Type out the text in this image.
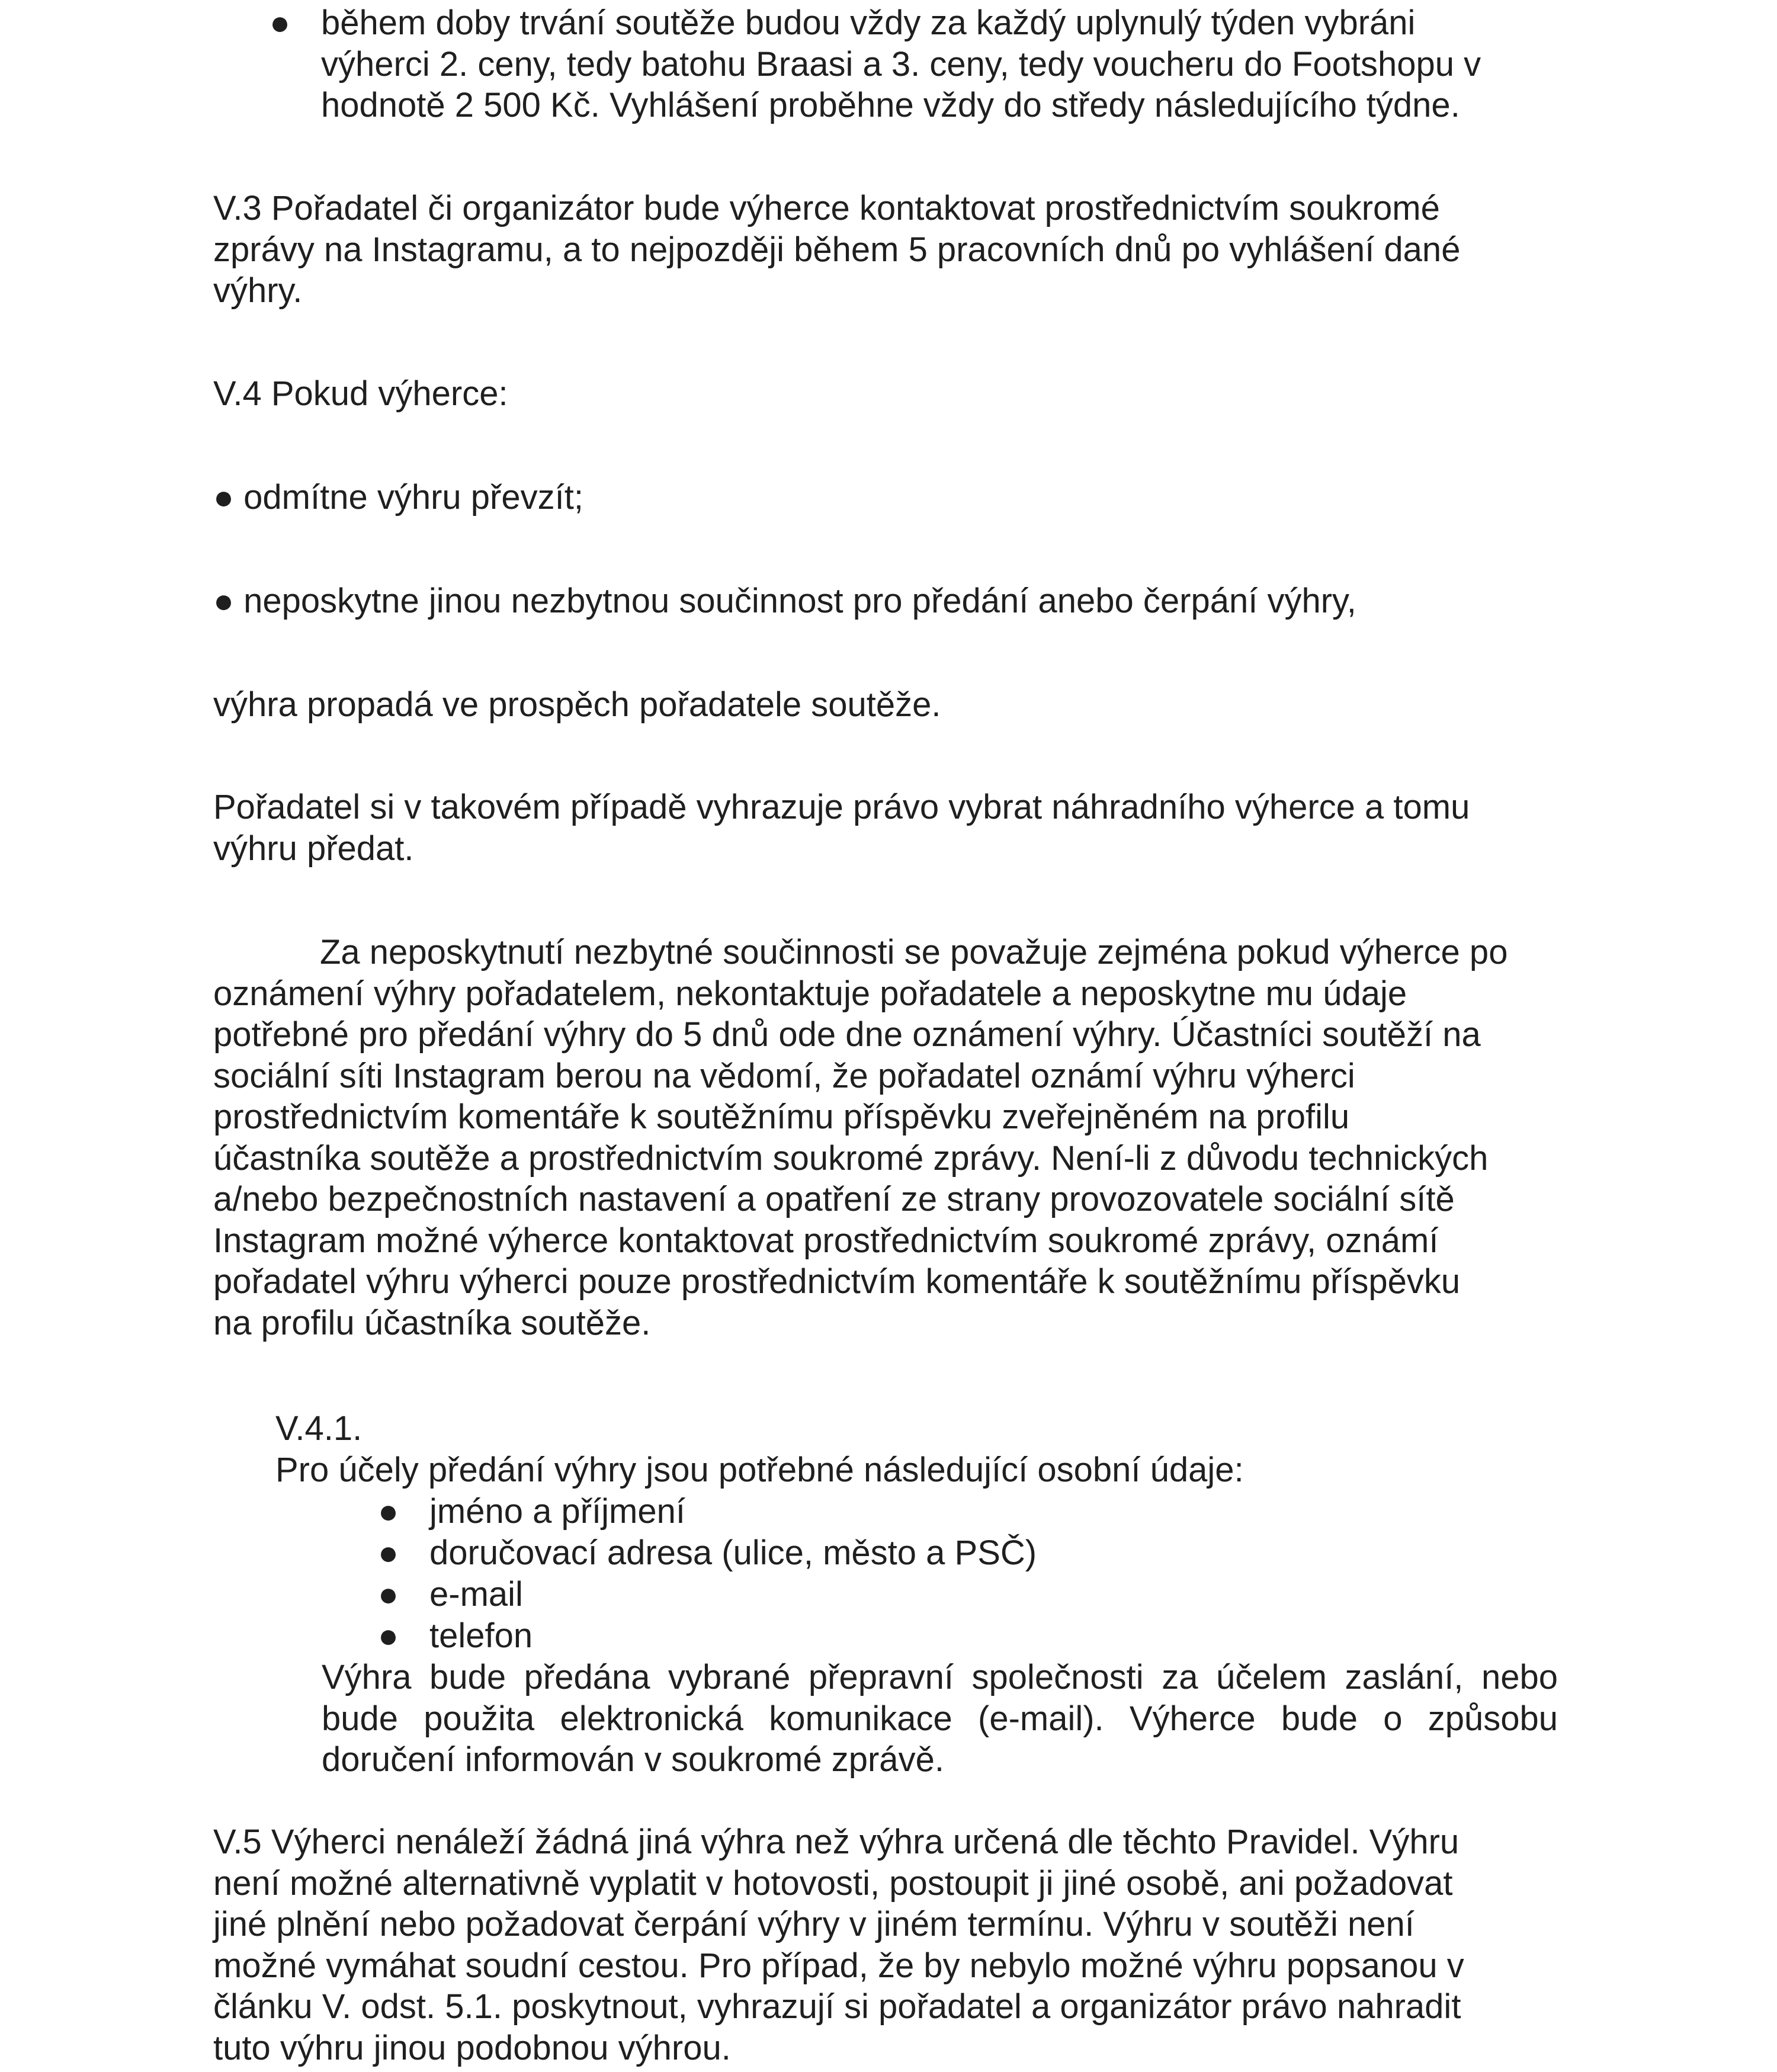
● během doby trvání soutěže budou vždy za každý uplynulý týden vybráni
výherci 2. ceny, tedy batohu Braasi a 3. ceny, tedy voucheru do Footshopu v
hodnotě 2 500 Kč. Vyhlášení proběhne vždy do středy následujícího týdne.
V.3 Pořadatel či organizátor bude výherce kontaktovat prostřednictvím soukromé
zprávy na Instagramu, a to nejpozději během 5 pracovních dnů po vyhlášení dané
výhry.
V.4 Pokud výherce:
● odmítne výhru převzít;
● neposkytne jinou nezbytnou součinnost pro předání anebo čerpání výhry,
výhra propadá ve prospěch pořadatele soutěže.
Pořadatel si v takovém případě vyhrazuje právo vybrat náhradního výherce a tomu
výhru předat.
Za neposkytnutí nezbytné součinnosti se považuje zejména pokud výherce po
oznámení výhry pořadatelem, nekontaktuje pořadatele a neposkytne mu údaje
potřebné pro předání výhry do 5 dnů ode dne oznámení výhry. Účastníci soutěží na
sociální síti Instagram berou na vědomí, že pořadatel oznámí výhru výherci
prostřednictvím komentáře k soutěžnímu příspěvku zveřejněném na profilu
účastníka soutěže a prostřednictvím soukromé zprávy. Není-li z důvodu technických
a/nebo bezpečnostních nastavení a opatření ze strany provozovatele sociální sítě
Instagram možné výherce kontaktovat prostřednictvím soukromé zprávy, oznámí
pořadatel výhru výherci pouze prostřednictvím komentáře k soutěžnímu příspěvku
na profilu účastníka soutěže.
V.4.1.
Pro účely předání výhry jsou potřebné následující osobní údaje:
● jméno a příjmení
● doručovací adresa (ulice, město a PSČ)
● e-mail
● telefon
Výhra bude předána vybrané přepravní společnosti za účelem zaslání, nebo
bude použita elektronická komunikace (e-mail). Výherce bude o způsobu
doručení informován v soukromé zprávě.
V.5 Výherci nenáleží žádná jiná výhra než výhra určená dle těchto Pravidel. Výhru
není možné alternativně vyplatit v hotovosti, postoupit ji jiné osobě, ani požadovat
jiné plnění nebo požadovat čerpání výhry v jiném termínu. Výhru v soutěži není
možné vymáhat soudní cestou. Pro případ, že by nebylo možné výhru popsanou v
článku V. odst. 5.1. poskytnout, vyhrazují si pořadatel a organizátor právo nahradit
tuto výhru jinou podobnou výhrou.
